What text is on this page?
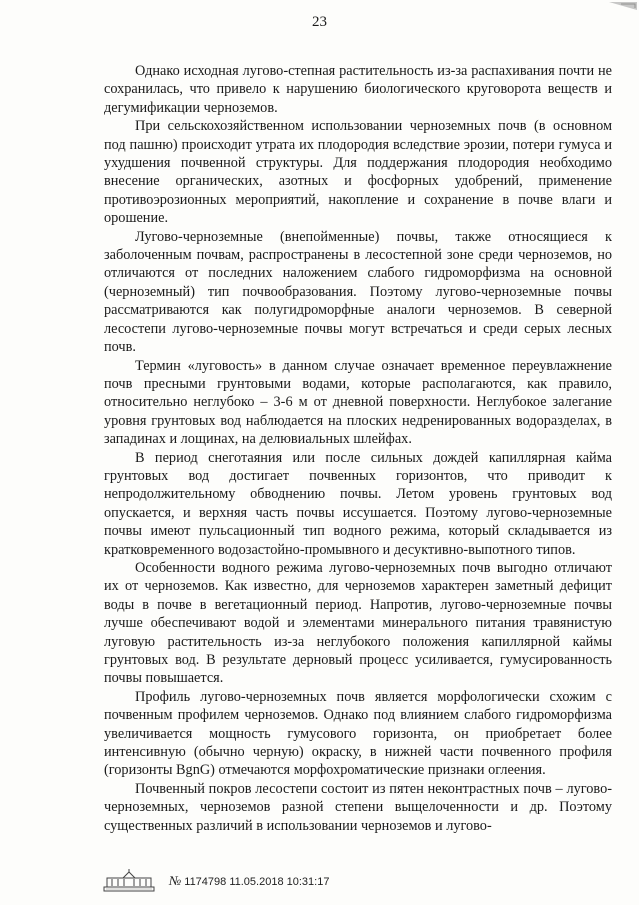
23

Однако исходная лугово-степная растительность из-за распахивания почти не сохранилась, что привело к нарушению биологического круговорота веществ и дегумификации черноземов.

При сельскохозяйственном использовании черноземных почв (в основном под пашню) происходит утрата их плодородия вследствие эрозии, потери гумуса и ухудшения почвенной структуры. Для поддержания плодородия необходимо внесение органических, азотных и фосфорных удобрений, применение противоэрозионных мероприятий, накопление и сохранение в почве влаги и орошение.

Лугово-черноземные (внепойменные) почвы, также относящиеся к заболоченным почвам, распространены в лесостепной зоне среди черноземов, но отличаются от последних наложением слабого гидроморфизма на основной (черноземный) тип почвообразования. Поэтому лугово-черноземные почвы рассматриваются как полугидроморфные аналоги черноземов. В северной лесостепи лугово-черноземные почвы могут встречаться и среди серых лесных почв.

Термин «луговость» в данном случае означает временное переувлажнение почв пресными грунтовыми водами, которые располагаются, как правило, относительно неглубоко – 3-6 м от дневной поверхности. Неглубокое залегание уровня грунтовых вод наблюдается на плоских недренированных водоразделах, в западинах и лощинах, на делювиальных шлейфах.

В период снеготаяния или после сильных дождей капиллярная кайма грунтовых вод достигает почвенных горизонтов, что приводит к непродолжительному обводнению почвы. Летом уровень грунтовых вод опускается, и верхняя часть почвы иссушается. Поэтому лугово-черноземные почвы имеют пульсационный тип водного режима, который складывается из кратковременного водозастойно-промывного и десуктивно-выпотного типов.

Особенности водного режима лугово-черноземных почв выгодно отличают их от черноземов. Как известно, для черноземов характерен заметный дефицит воды в почве в вегетационный период. Напротив, лугово-черноземные почвы лучше обеспечивают водой и элементами минерального питания травянистую луговую растительность из-за неглубокого положения капиллярной каймы грунтовых вод. В результате дерновый процесс усиливается, гумусированность почвы повышается.

Профиль лугово-черноземных почв является морфологически схожим с почвенным профилем черноземов. Однако под влиянием слабого гидроморфизма увеличивается мощность гумусового горизонта, он приобретает более интенсивную (обычно черную) окраску, в нижней части почвенного профиля (горизонты BgnG) отмечаются морфохроматические признаки оглеения.

Почвенный покров лесостепи состоит из пятен неконтрастных почв – лугово-черноземных, черноземов разной степени выщелоченности и др. Поэтому существенных различий в использовании черноземов и лугово-

№ 1174798 11.05.2018 10:31:17
